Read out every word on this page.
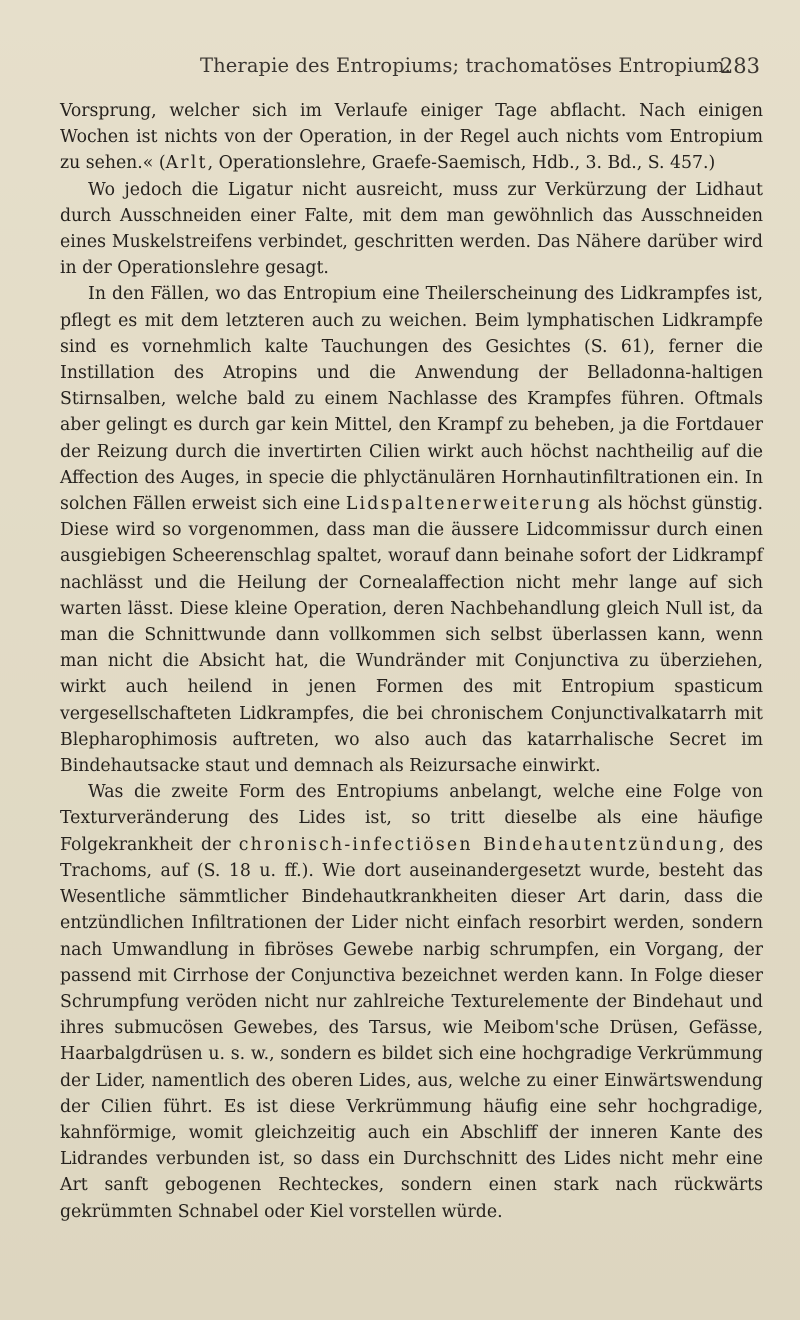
Therapie des Entropiums; trachomatöses Entropium.
283

Vorsprung, welcher sich im Verlaufe einiger Tage abflacht. Nach einigen Wochen ist nichts von der Operation, in der Regel auch nichts vom Entropium zu sehen.« (Arlt, Operationslehre, Graefe-Saemisch, Hdb., 3. Bd., S. 457.)

Wo jedoch die Ligatur nicht ausreicht, muss zur Verkürzung der Lidhaut durch Ausschneiden einer Falte, mit dem man gewöhnlich das Ausschneiden eines Muskelstreifens verbindet, geschritten werden. Das Nähere darüber wird in der Operationslehre gesagt.

In den Fällen, wo das Entropium eine Theilerscheinung des Lidkrampfes ist, pflegt es mit dem letzteren auch zu weichen. Beim lymphatischen Lidkrampfe sind es vornehmlich kalte Tauchungen des Gesichtes (S. 61), ferner die Instillation des Atropins und die Anwendung der Belladonna-haltigen Stirnsalben, welche bald zu einem Nachlasse des Krampfes führen. Oftmals aber gelingt es durch gar kein Mittel, den Krampf zu beheben, ja die Fortdauer der Reizung durch die invertirten Cilien wirkt auch höchst nachtheilig auf die Affection des Auges, in specie die phlyctänulären Hornhautinfiltrationen ein. In solchen Fällen erweist sich eine Lidspaltenerweiterung als höchst günstig. Diese wird so vorgenommen, dass man die äussere Lidcommissur durch einen ausgiebigen Scheerenschlag spaltet, worauf dann beinahe sofort der Lidkrampf nachlässt und die Heilung der Cornealaffection nicht mehr lange auf sich warten lässt. Diese kleine Operation, deren Nachbehandlung gleich Null ist, da man die Schnittwunde dann vollkommen sich selbst überlassen kann, wenn man nicht die Absicht hat, die Wundränder mit Conjunctiva zu überziehen, wirkt auch heilend in jenen Formen des mit Entropium spasticum vergesellschafteten Lidkrampfes, die bei chronischem Conjunctivalkatarrh mit Blepharophimosis auftreten, wo also auch das katarrhalische Secret im Bindehautsacke staut und demnach als Reizursache einwirkt.

Was die zweite Form des Entropiums anbelangt, welche eine Folge von Texturveränderung des Lides ist, so tritt dieselbe als eine häufige Folgekrankheit der chronisch-infectiösen Bindehautentzündung, des Trachoms, auf (S. 18 u. ff.). Wie dort auseinandergesetzt wurde, besteht das Wesentliche sämmtlicher Bindehautkrankheiten dieser Art darin, dass die entzündlichen Infiltrationen der Lider nicht einfach resorbirt werden, sondern nach Umwandlung in fibröses Gewebe narbig schrumpfen, ein Vorgang, der passend mit Cirrhose der Conjunctiva bezeichnet werden kann. In Folge dieser Schrumpfung veröden nicht nur zahlreiche Texturelemente der Bindehaut und ihres submucösen Gewebes, des Tarsus, wie Meibom'sche Drüsen, Gefässe, Haarbalgdrüsen u. s. w., sondern es bildet sich eine hochgradige Verkrümmung der Lider, namentlich des oberen Lides, aus, welche zu einer Einwärtswendung der Cilien führt. Es ist diese Verkrümmung häufig eine sehr hochgradige, kahnförmige, womit gleichzeitig auch ein Abschliff der inneren Kante des Lidrandes verbunden ist, so dass ein Durchschnitt des Lides nicht mehr eine Art sanft gebogenen Rechteckes, sondern einen stark nach rückwärts gekrümmten Schnabel oder Kiel vorstellen würde.
